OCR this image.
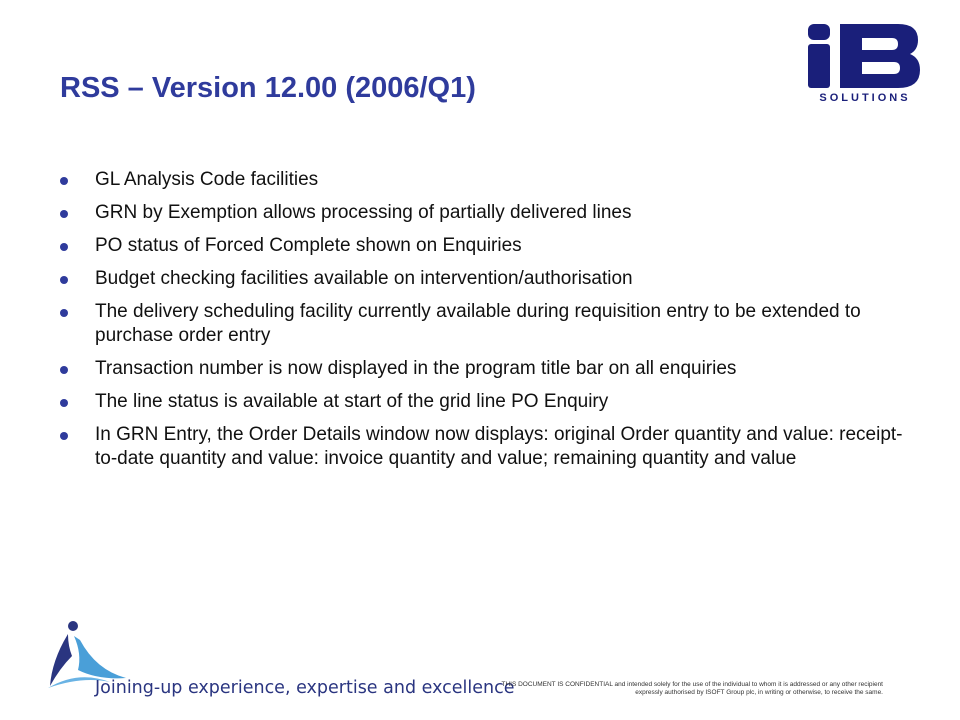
RSS – Version 12.00 (2006/Q1)	SOLUTIONS
GL Analysis Code facilities
GRN by Exemption allows processing of partially delivered lines
PO status of Forced Complete shown on Enquiries
Budget checking facilities available on intervention/authorisation
The delivery scheduling facility currently available during requisition entry to be extended to purchase order entry
Transaction number is now displayed in the program title bar on all enquiries
The line status is available at start of the grid line PO Enquiry
In GRN Entry, the Order Details window now displays: original Order quantity and value: receipt-to-date quantity and value: invoice quantity and value; remaining quantity and value
Joining-up experience, expertise and excellence
THIS DOCUMENT IS CONFIDENTIAL and intended solely for the use of the individual to whom it is addressed or any other recipient expressly authorised by ISOFT Group plc, in writing or otherwise, to receive the same.
